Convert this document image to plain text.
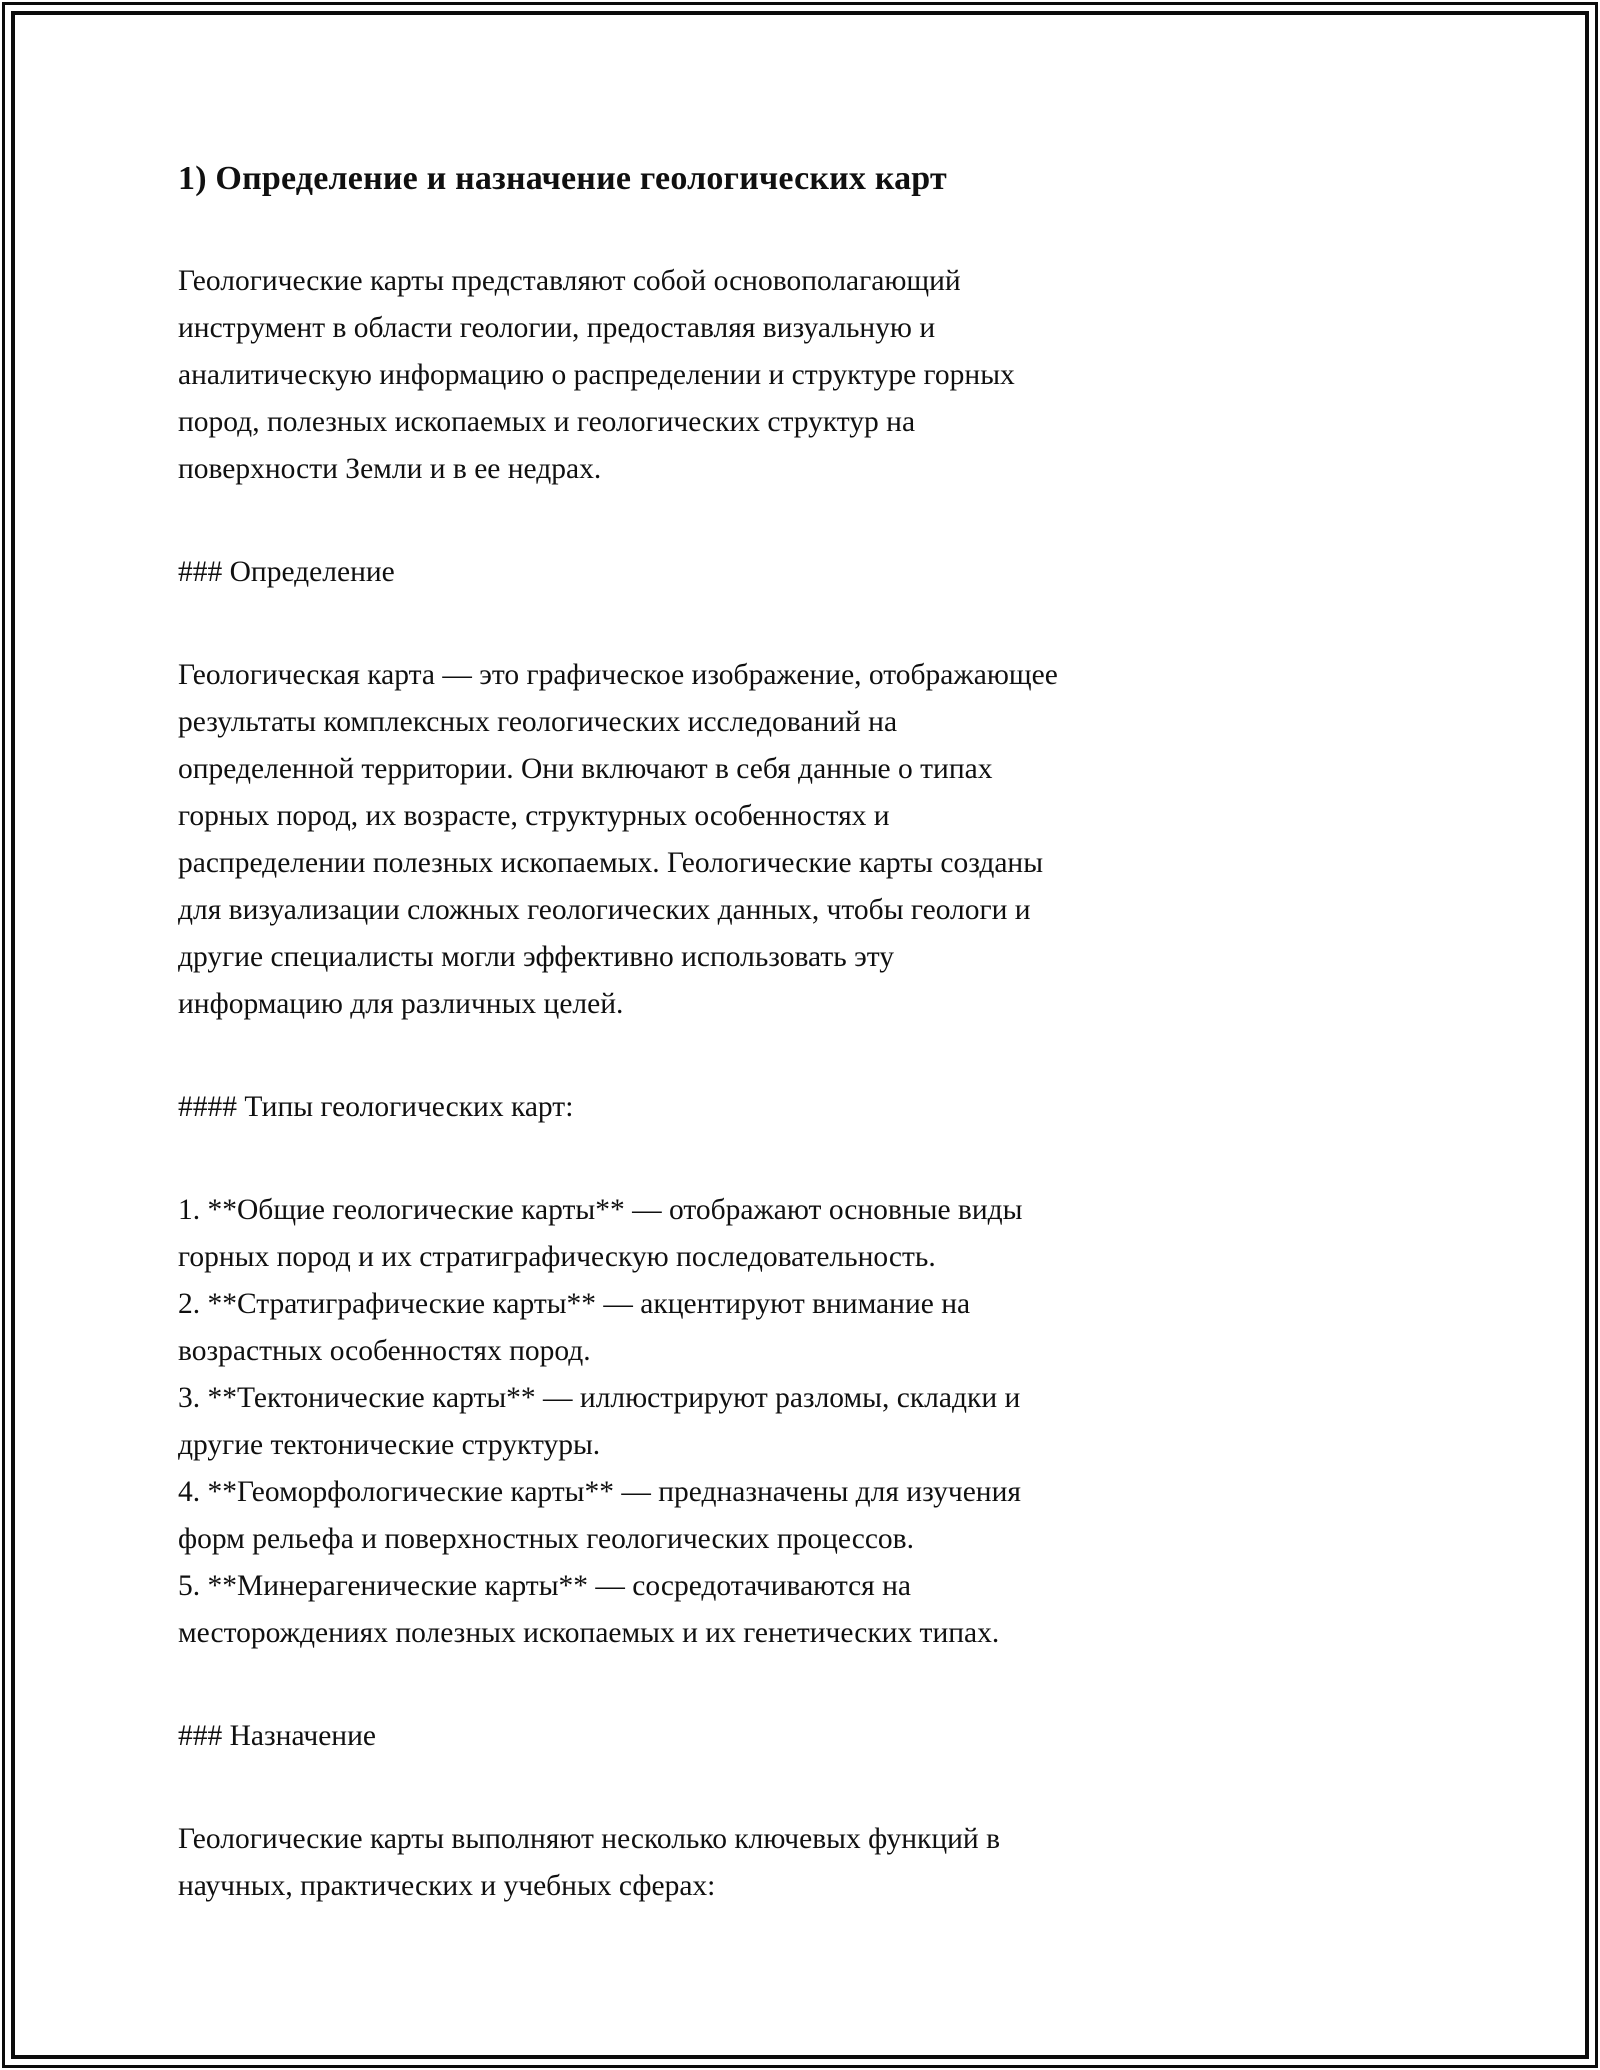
1) Определение и назначение геологических карт

Геологические карты представляют собой основополагающий инструмент в области геологии, предоставляя визуальную и аналитическую информацию о распределении и структуре горных пород, полезных ископаемых и геологических структур на поверхности Земли и в ее недрах.

### Определение

Геологическая карта — это графическое изображение, отображающее результаты комплексных геологических исследований на определенной территории. Они включают в себя данные о типах горных пород, их возрасте, структурных особенностях и распределении полезных ископаемых. Геологические карты созданы для визуализации сложных геологических данных, чтобы геологи и другие специалисты могли эффективно использовать эту информацию для различных целей.

#### Типы геологических карт:

1. **Общие геологические карты** — отображают основные виды горных пород и их стратиграфическую последовательность.
2. **Стратиграфические карты** — акцентируют внимание на возрастных особенностях пород.
3. **Тектонические карты** — иллюстрируют разломы, складки и другие тектонические структуры.
4. **Геоморфологические карты** — предназначены для изучения форм рельефа и поверхностных геологических процессов.
5. **Минерагенические карты** — сосредотачиваются на месторождениях полезных ископаемых и их генетических типах.

### Назначение

Геологические карты выполняют несколько ключевых функций в научных, практических и учебных сферах:
